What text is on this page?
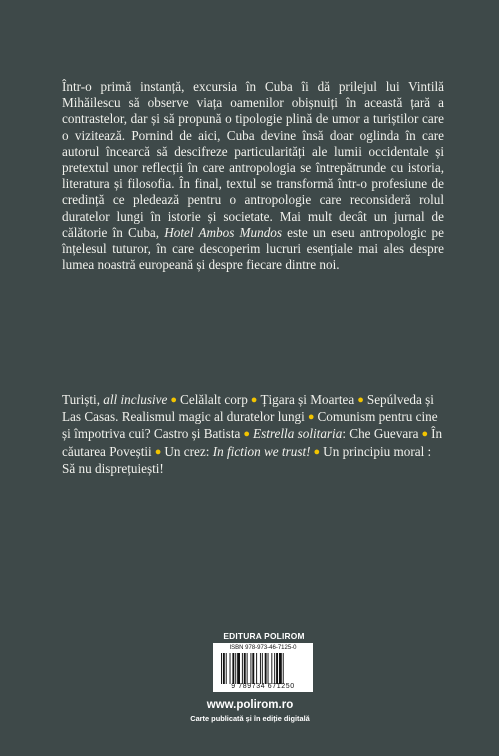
Într-o primă instanță, excursia în Cuba îi dă prilejul lui Vintilă Mihăilescu să observe viața oamenilor obișnuiți în această țară a contrastelor, dar și să propună o tipologie plină de umor a turiștilor care o vizitează. Pornind de aici, Cuba devine însă doar oglinda în care autorul încearcă să descifreze particularități ale lumii occidentale și pretextul unor reflecții în care antropologia se întrepătrunde cu istoria, literatura și filosofia. În final, textul se transformă într-o profesiune de credință ce pledează pentru o antropologie care reconsideră rolul duratelor lungi în istorie și societate. Mai mult decât un jurnal de călătorie în Cuba, Hotel Ambos Mundos este un eseu antropologic pe înțelesul tuturor, în care descoperim lucruri esențiale mai ales despre lumea noastră europeană și despre fiecare dintre noi.

Turiști, all inclusive ● Celălalt corp ● Țigara și Moartea ● Sepúlveda și Las Casas. Realismul magic al duratelor lungi ● Comunism pentru cine și împotriva cui? Castro și Batista ● Estrella solitaria: Che Guevara ● În căutarea Poveștii ● Un crez: In fiction we trust! ● Un principiu moral : Să nu disprețuiești!

EDITURA POLIROM
ISBN 978-973-46-7125-0
9 789734 671250
www.polirom.ro
Carte publicată și în ediție digitală
